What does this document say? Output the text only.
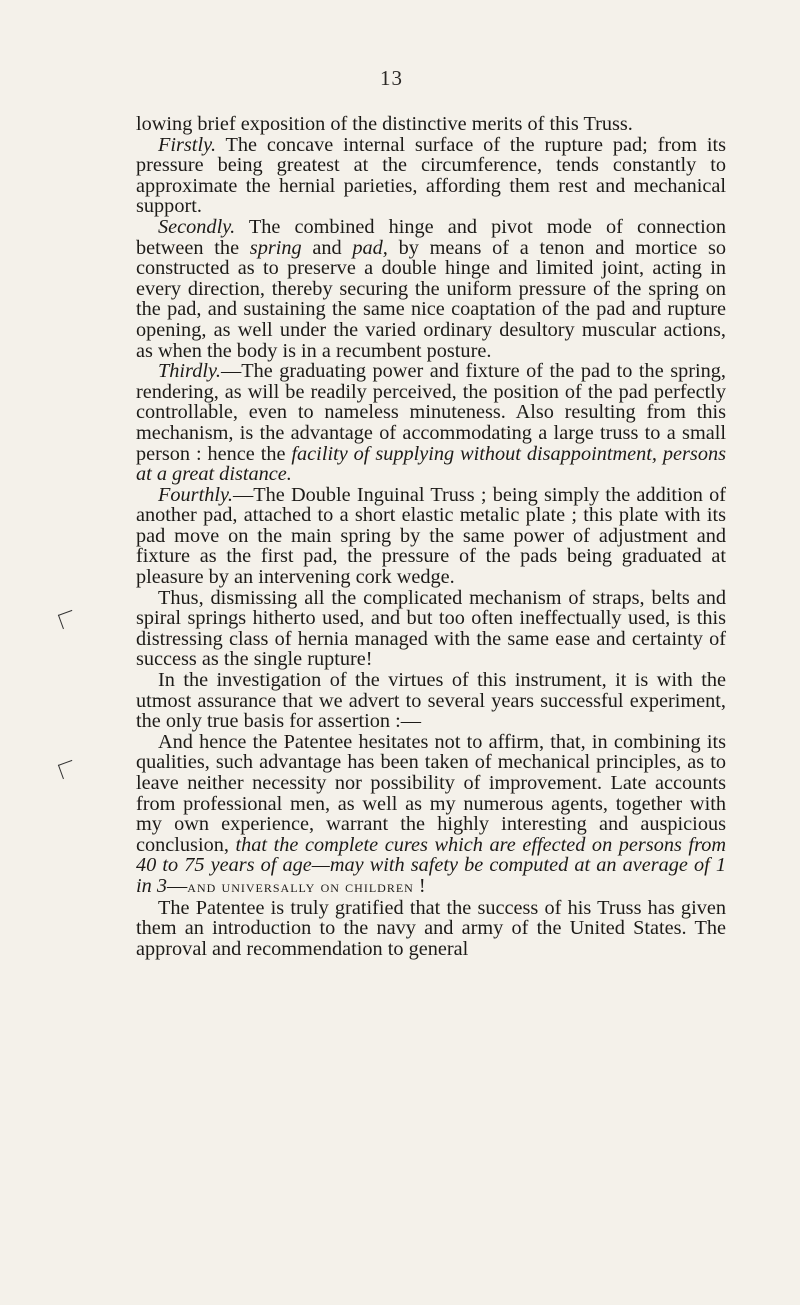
13

lowing brief exposition of the distinctive merits of this Truss.

Firstly. The concave internal surface of the rupture pad; from its pressure being greatest at the circumference, tends constantly to approximate the hernial parieties, affording them rest and mechanical support.

Secondly. The combined hinge and pivot mode of connection between the spring and pad, by means of a tenon and mortice so constructed as to preserve a double hinge and limited joint, acting in every direction, thereby securing the uniform pressure of the spring on the pad, and sustaining the same nice coaptation of the pad and rupture opening, as well under the varied ordinary desultory muscular actions, as when the body is in a recumbent posture.

Thirdly.—The graduating power and fixture of the pad to the spring, rendering, as will be readily perceived, the position of the pad perfectly controllable, even to nameless minuteness. Also resulting from this mechanism, is the advantage of accommodating a large truss to a small person : hence the facility of supplying without disappointment, persons at a great distance.

Fourthly.—The Double Inguinal Truss ; being simply the addition of another pad, attached to a short elastic metalic plate ; this plate with its pad move on the main spring by the same power of adjustment and fixture as the first pad, the pressure of the pads being graduated at pleasure by an intervening cork wedge.

Thus, dismissing all the complicated mechanism of straps, belts and spiral springs hitherto used, and but too often ineffectually used, is this distressing class of hernia managed with the same ease and certainty of success as the single rupture!

In the investigation of the virtues of this instrument, it is with the utmost assurance that we advert to several years successful experiment, the only true basis for assertion :—

And hence the Patentee hesitates not to affirm, that, in combining its qualities, such advantage has been taken of mechanical principles, as to leave neither necessity nor possibility of improvement. Late accounts from professional men, as well as my numerous agents, together with my own experience, warrant the highly interesting and auspicious conclusion, that the complete cures which are effected on persons from 40 to 75 years of age—may with safety be computed at an average of 1 in 3—and universally on children !

The Patentee is truly gratified that the success of his Truss has given them an introduction to the navy and army of the United States. The approval and recommendation to general
